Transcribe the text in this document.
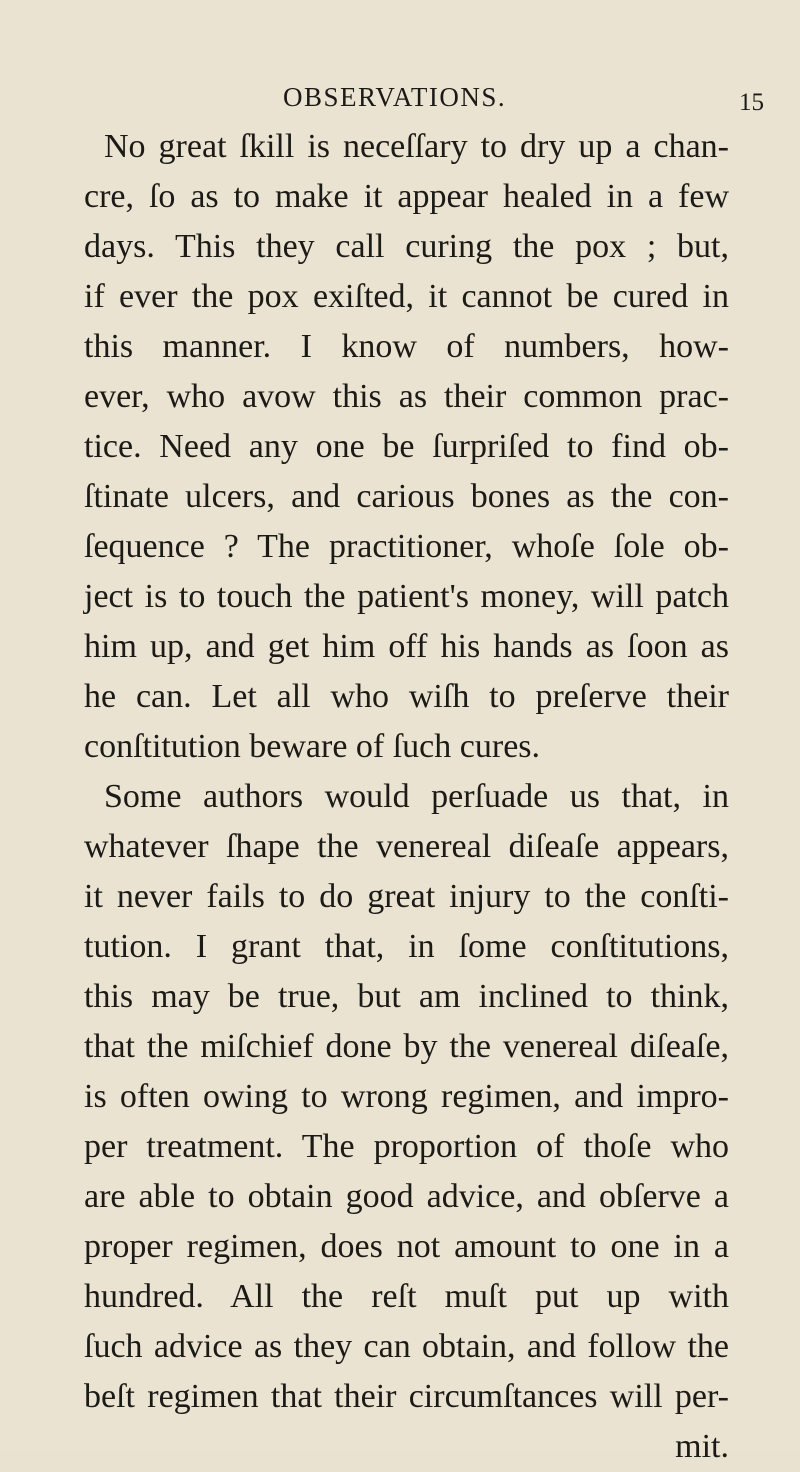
OBSERVATIONS.	15
No great ſkill is neceſſary to dry up a chan-
cre, ſo as to make it appear healed in a few
days. This they call curing the pox ; but,
if ever the pox exiſted, it cannot be cured in
this manner. I know of numbers, how-
ever, who avow this as their common prac-
tice. Need any one be ſurpriſed to find ob-
ſtinate ulcers, and carious bones as the con-
ſequence ? The practitioner, whoſe ſole ob-
ject is to touch the patient's money, will patch
him up, and get him off his hands as ſoon as
he can. Let all who wiſh to preſerve their
conſtitution beware of ſuch cures.
Some authors would perſuade us that, in
whatever ſhape the venereal diſeaſe appears,
it never fails to do great injury to the conſti-
tution. I grant that, in ſome conſtitutions,
this may be true, but am inclined to think,
that the miſchief done by the venereal diſeaſe,
is often owing to wrong regimen, and impro-
per treatment. The proportion of thoſe who
are able to obtain good advice, and obſerve a
proper regimen, does not amount to one in a
hundred. All the reſt muſt put up with
ſuch advice as they can obtain, and follow the
beſt regimen that their circumſtances will per-
mit.
